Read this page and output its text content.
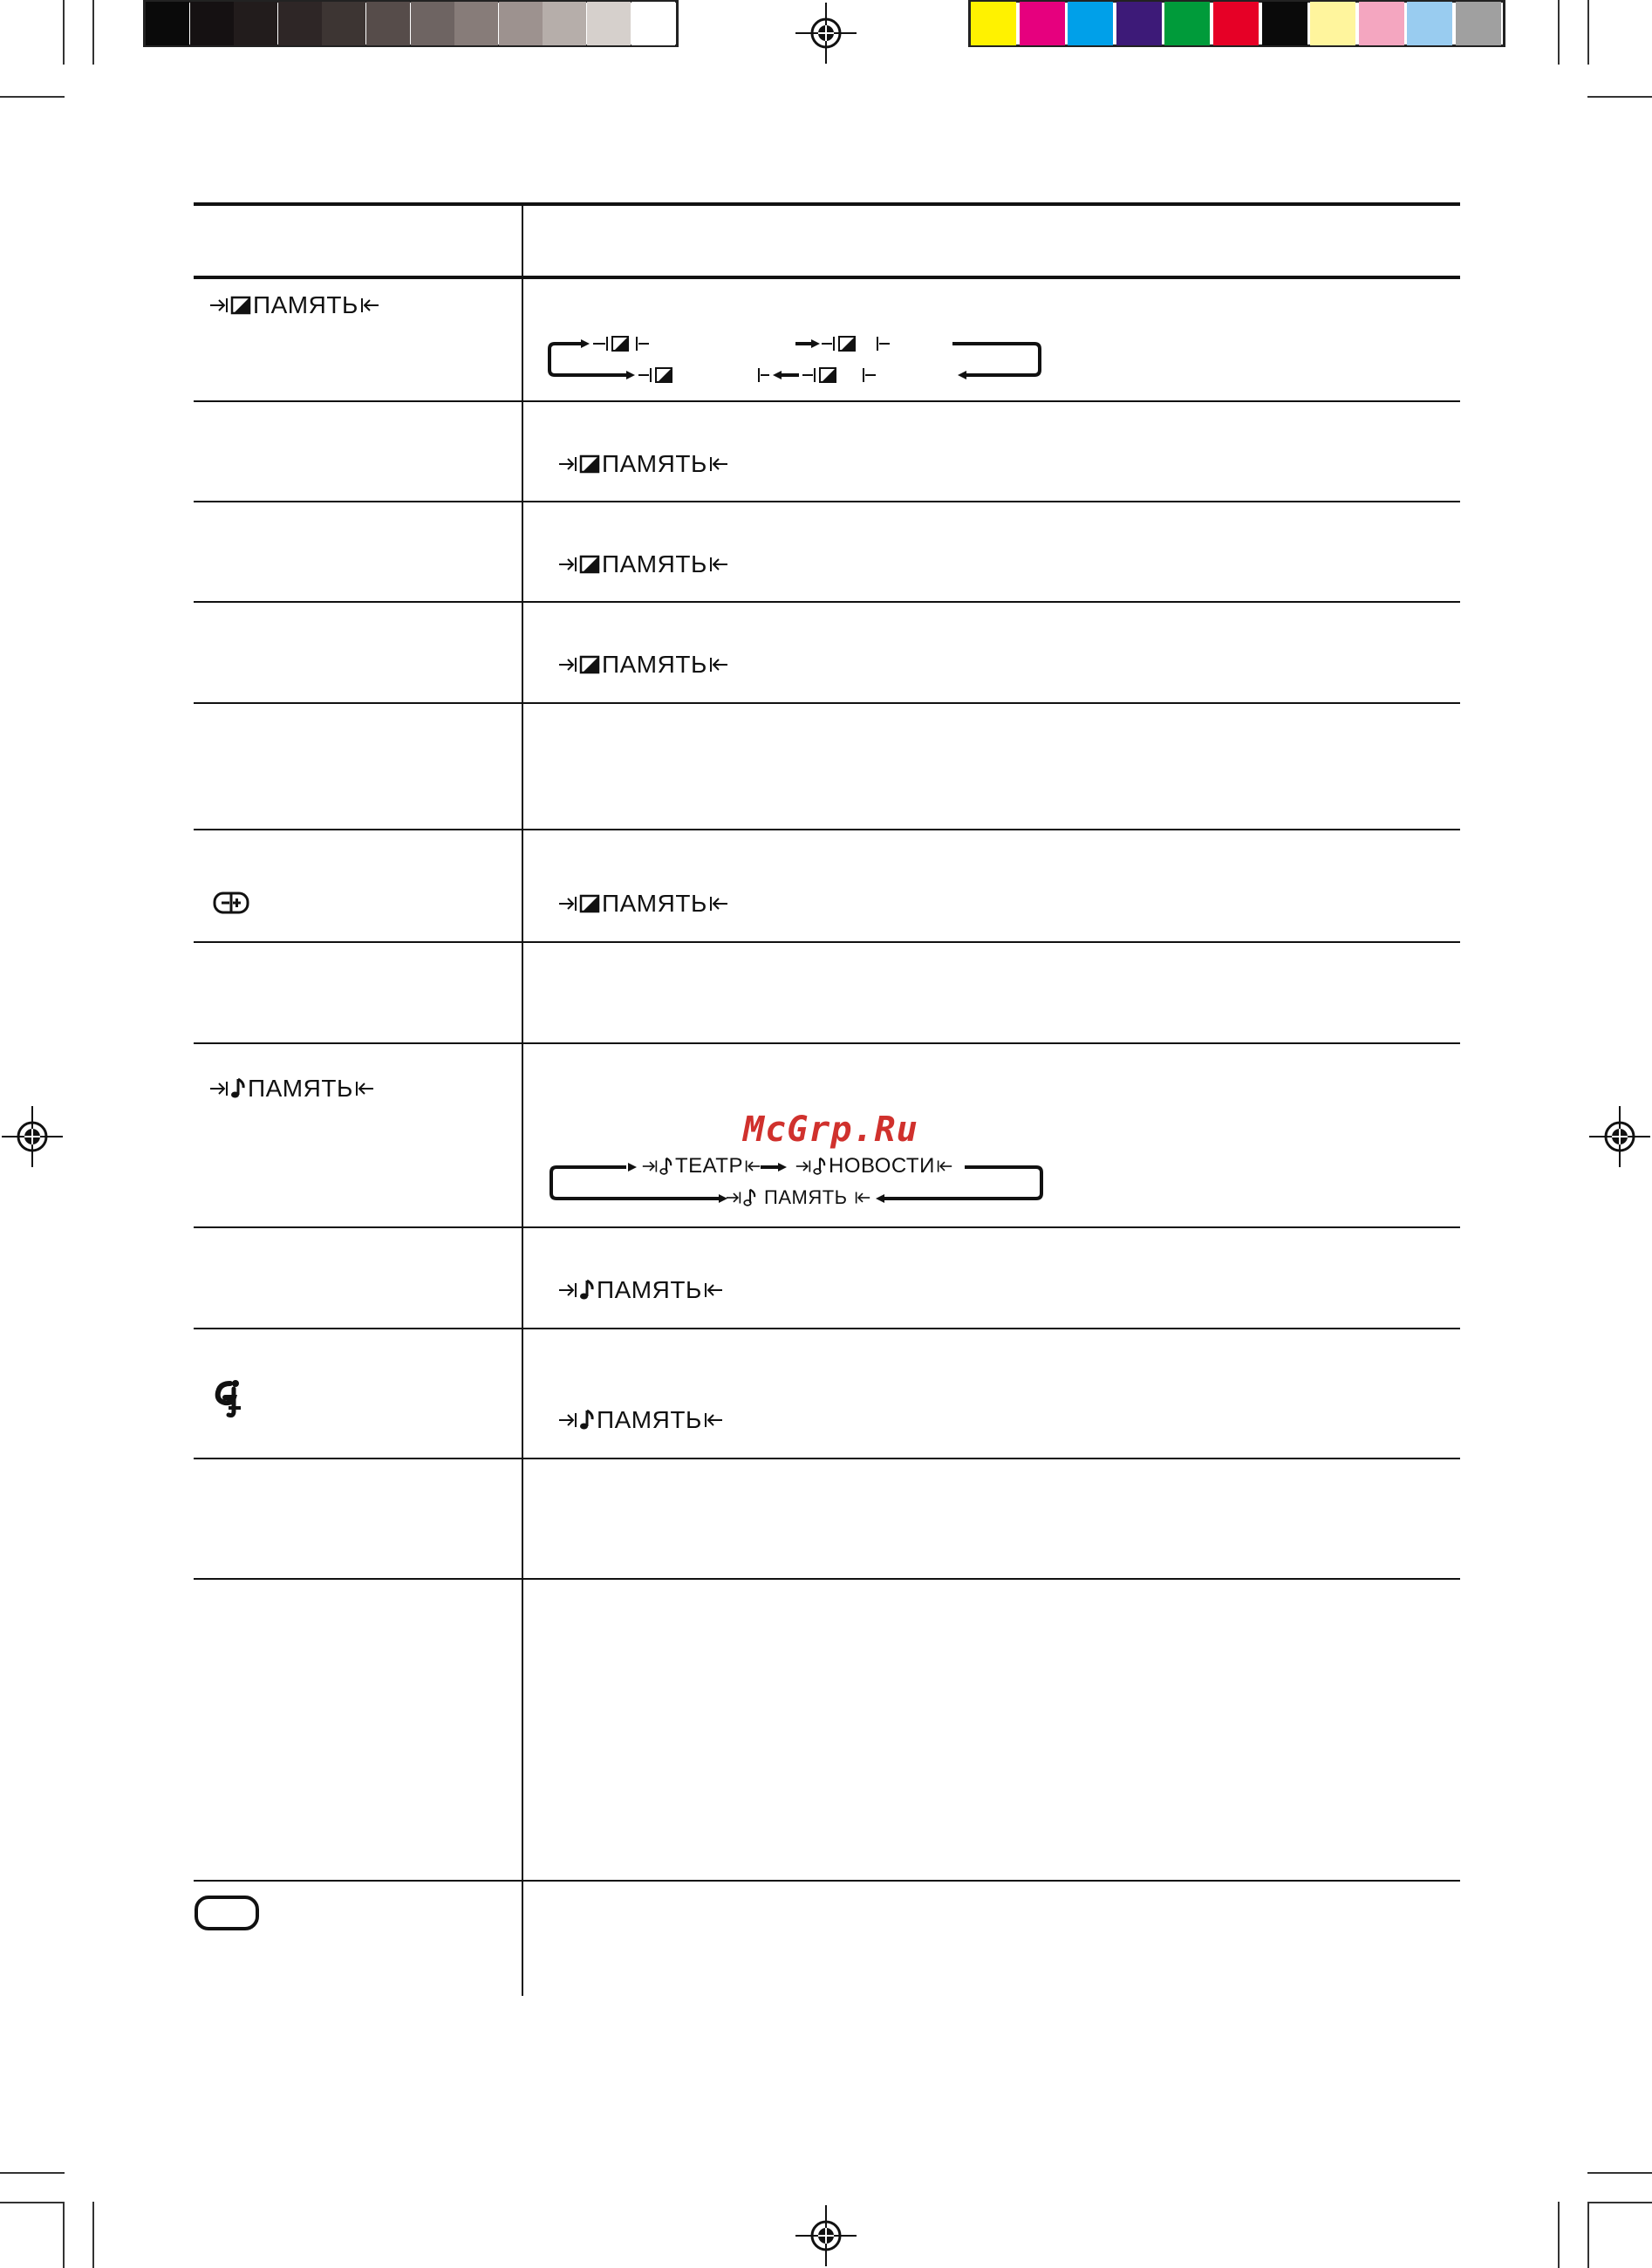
ПАМЯТЬ
ПАМЯТЬ
ПАМЯТЬ
ПАМЯТЬ
ПАМЯТЬ
ПАМЯТЬ
McGrp.Ru
ТЕАТР	НОВОСТИ
ПАМЯТЬ
ПАМЯТЬ
ПАМЯТЬ
